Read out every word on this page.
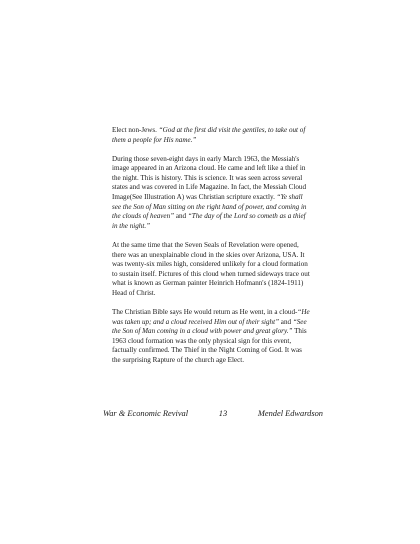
Elect non-Jews. “God at the first did visit the gentiles, to take out of them a people for His name.”

During those seven-eight days in early March 1963, the Messiah's image appeared in an Arizona cloud. He came and left like a thief in the night. This is history. This is science. It was seen across several states and was covered in Life Magazine. In fact, the Messiah Cloud Image(See Illustration A) was Christian scripture exactly. “Ye shall see the Son of Man sitting on the right hand of power, and coming in the clouds of heaven” and “The day of the Lord so cometh as a thief in the night.”

At the same time that the Seven Seals of Revelation were opened, there was an unexplainable cloud in the skies over Arizona, USA. It was twenty-six miles high, considered unlikely for a cloud formation to sustain itself. Pictures of this cloud when turned sideways trace out what is known as German painter Heinrich Hofmann's (1824-1911) Head of Christ.

The Christian Bible says He would return as He went, in a cloud-“He was taken up; and a cloud received Him out of their sight” and “See the Son of Man coming in a cloud with power and great glory.” This 1963 cloud formation was the only physical sign for this event, factually confirmed. The Thief in the Night Coming of God. It was the surprising Rapture of the church age Elect.

War & Economic Revival	13	Mendel Edwardson
